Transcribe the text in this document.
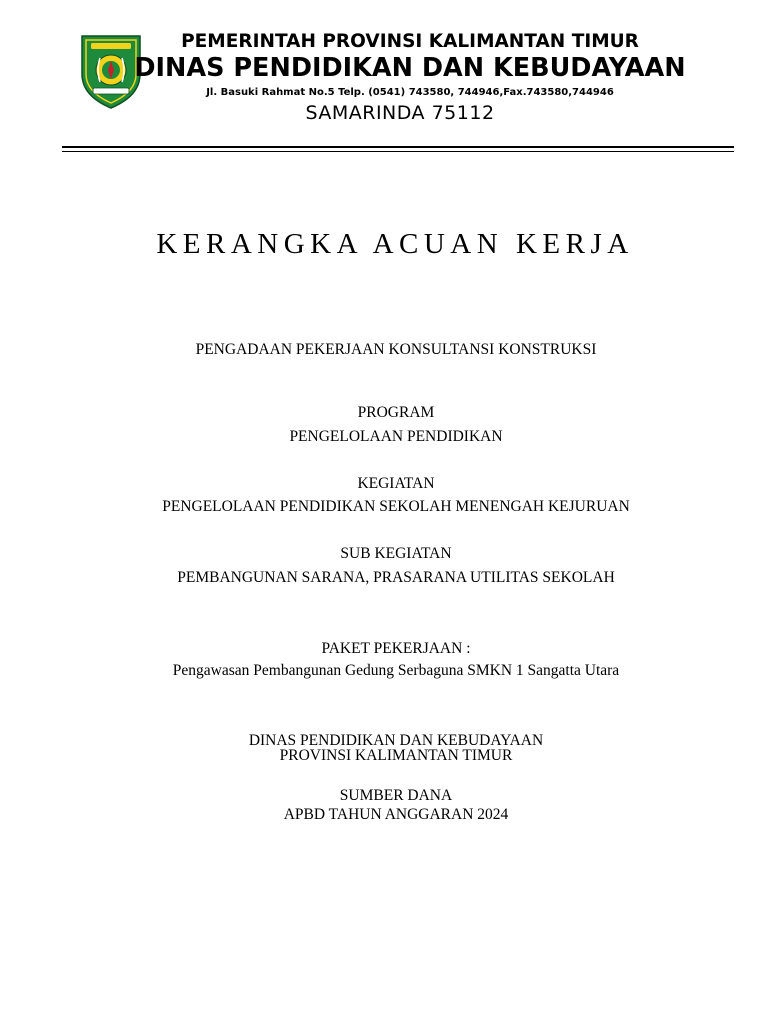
PEMERINTAH PROVINSI KALIMANTAN TIMUR
DINAS PENDIDIKAN DAN KEBUDAYAAN
Jl. Basuki Rahmat No.5 Telp. (0541) 743580, 744946,Fax.743580,744946
SAMARINDA 75112
KERANGKA ACUAN KERJA
PENGADAAN PEKERJAAN KONSULTANSI KONSTRUKSI
PROGRAM
PENGELOLAAN PENDIDIKAN
KEGIATAN
PENGELOLAAN PENDIDIKAN SEKOLAH MENENGAH KEJURUAN
SUB KEGIATAN
PEMBANGUNAN SARANA, PRASARANA UTILITAS SEKOLAH
PAKET PEKERJAAN :
Pengawasan Pembangunan Gedung Serbaguna SMKN 1 Sangatta Utara
DINAS PENDIDIKAN DAN KEBUDAYAAN
PROVINSI KALIMANTAN TIMUR
SUMBER DANA
APBD TAHUN ANGGARAN 2024
